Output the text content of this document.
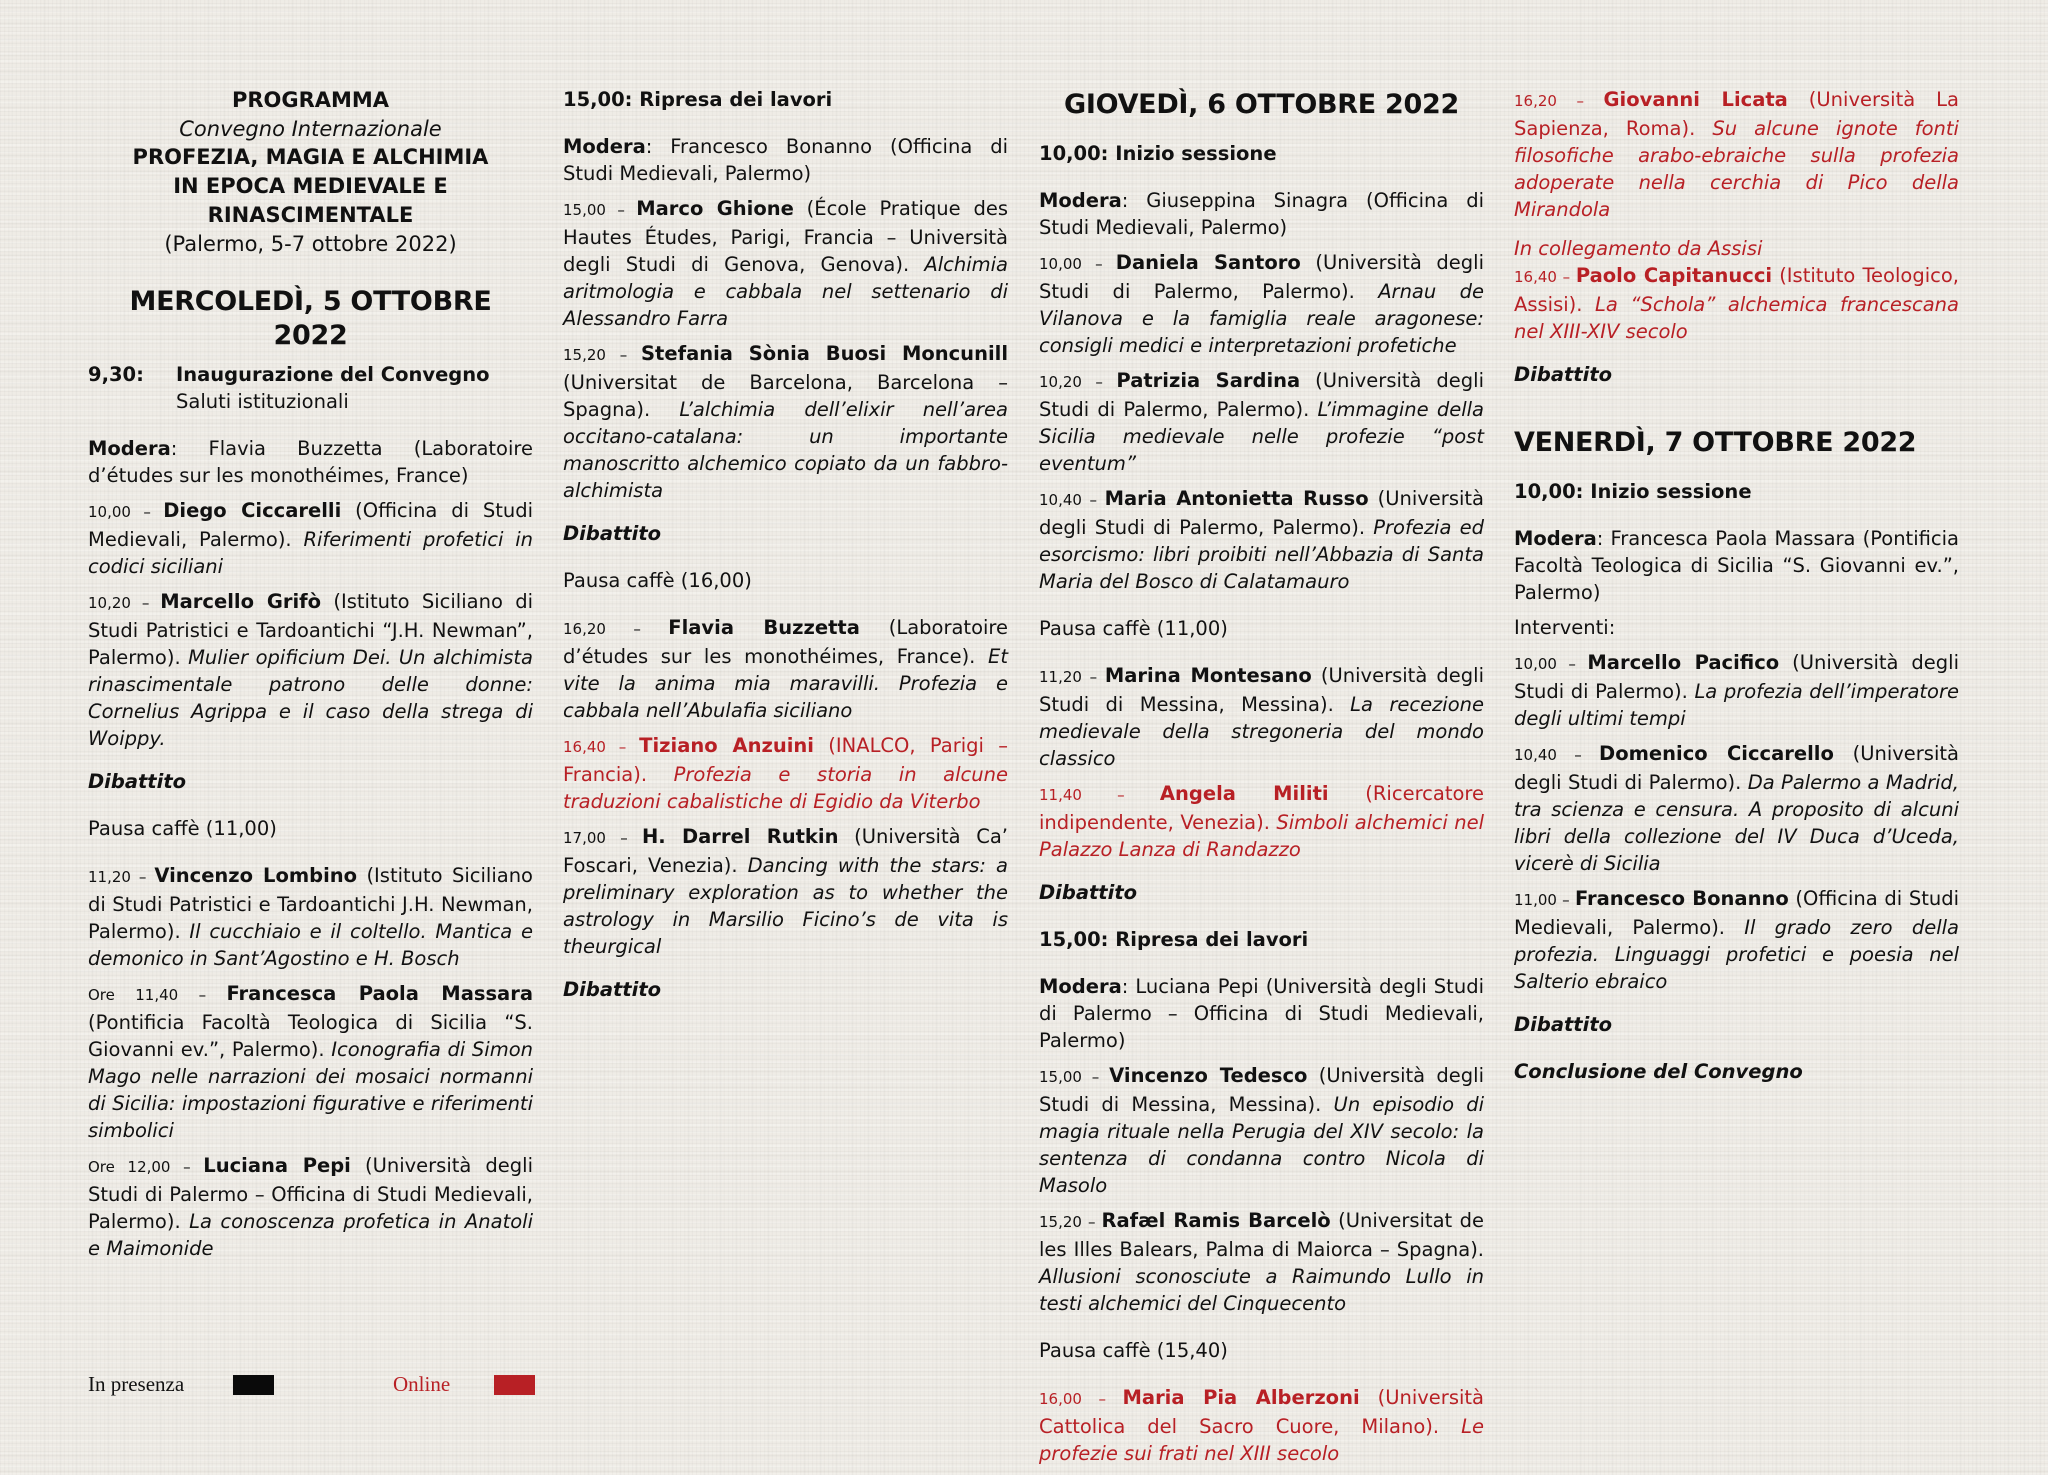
PROGRAMMA
Convegno Internazionale
PROFEZIA, MAGIA E ALCHIMIA
IN EPOCA MEDIEVALE E
RINASCIMENTALE
(Palermo, 5-7 ottobre 2022)
MERCOLEDÌ, 5 OTTOBRE 2022
9,30:	Inaugurazione del Convegno
Saluti istituzionali
Modera: Flavia Buzzetta (Laboratoire d’études sur les monothéimes, France)
10,00 – Diego Ciccarelli (Officina di Studi Medievali, Palermo). Riferimenti profetici in codici siciliani
10,20 – Marcello Grifò (Istituto Siciliano di Studi Patristici e Tardoantichi “J.H. Newman”, Palermo). Mulier opificium Dei. Un alchimista rinascimentale patrono delle donne: Cornelius Agrippa e il caso della strega di Woippy.
Dibattito
Pausa caffè (11,00)
11,20 – Vincenzo Lombino (Istituto Siciliano di Studi Patristici e Tardoantichi J.H. Newman, Palermo). Il cucchiaio e il coltello. Mantica e demonico in Sant’Agostino e H. Bosch
Ore 11,40 – Francesca Paola Massara (Pontificia Facoltà Teologica di Sicilia “S. Giovanni ev.”, Palermo). Iconografia di Simon Mago nelle narrazioni dei mosaici normanni di Sicilia: impostazioni figurative e riferimenti simbolici
Ore 12,00 – Luciana Pepi (Università degli Studi di Palermo – Officina di Studi Medievali, Palermo). La conoscenza profetica in Anatoli e Maimonide
15,00: Ripresa dei lavori
Modera: Francesco Bonanno (Officina di Studi Medievali, Palermo)
15,00 – Marco Ghione (École Pratique des Hautes Études, Parigi, Francia – Università degli Studi di Genova, Genova). Alchimia aritmologia e cabbala nel settenario di Alessandro Farra
15,20 – Stefania Sònia Buosi Moncunill (Universitat de Barcelona, Barcelona – Spagna). L’alchimia dell’elixir nell’area occitano-catalana: un importante manoscritto alchemico copiato da un fabbro-alchimista
Dibattito
Pausa caffè (16,00)
16,20 – Flavia Buzzetta (Laboratoire d’études sur les monothéimes, France). Et vite la anima mia maravilli. Profezia e cabbala nell’Abulafia siciliano
16,40 – Tiziano Anzuini (INALCO, Parigi – Francia). Profezia e storia in alcune traduzioni cabalistiche di Egidio da Viterbo
17,00 – H. Darrel Rutkin (Università Ca’ Foscari, Venezia). Dancing with the stars: a preliminary exploration as to whether the astrology in Marsilio Ficino’s de vita is theurgical
Dibattito
GIOVEDÌ, 6 OTTOBRE 2022
10,00: Inizio sessione
Modera: Giuseppina Sinagra (Officina di Studi Medievali, Palermo)
10,00 – Daniela Santoro (Università degli Studi di Palermo, Palermo). Arnau de Vilanova e la famiglia reale aragonese: consigli medici e interpretazioni profetiche
10,20 – Patrizia Sardina (Università degli Studi di Palermo, Palermo). L’immagine della Sicilia medievale nelle profezie “post eventum”
10,40 – Maria Antonietta Russo (Università degli Studi di Palermo, Palermo). Profezia ed esorcismo: libri proibiti nell’Abbazia di Santa Maria del Bosco di Calatamauro
Pausa caffè (11,00)
11,20 – Marina Montesano (Università degli Studi di Messina, Messina). La recezione medievale della stregoneria del mondo classico
11,40 – Angela Militi (Ricercatore indipendente, Venezia). Simboli alchemici nel Palazzo Lanza di Randazzo
Dibattito
15,00: Ripresa dei lavori
Modera: Luciana Pepi (Università degli Studi di Palermo – Officina di Studi Medievali, Palermo)
15,00 – Vincenzo Tedesco (Università degli Studi di Messina, Messina). Un episodio di magia rituale nella Perugia del XIV secolo: la sentenza di condanna contro Nicola di Masolo
15,20 – Rafæl Ramis Barcelò (Universitat de les Illes Balears, Palma di Maiorca – Spagna). Allusioni sconosciute a Raimundo Lullo in testi alchemici del Cinquecento
Pausa caffè (15,40)
16,00 – Maria Pia Alberzoni (Università Cattolica del Sacro Cuore, Milano). Le profezie sui frati nel XIII secolo
16,20 – Giovanni Licata (Università La Sapienza, Roma). Su alcune ignote fonti filosofiche arabo-ebraiche sulla profezia adoperate nella cerchia di Pico della Mirandola
In collegamento da Assisi
16,40 – Paolo Capitanucci (Istituto Teologico, Assisi). La “Schola” alchemica francescana nel XIII-XIV secolo
Dibattito
VENERDÌ, 7 OTTOBRE 2022
10,00: Inizio sessione
Modera: Francesca Paola Massara (Pontificia Facoltà Teologica di Sicilia “S. Giovanni ev.”, Palermo)
Interventi:
10,00 – Marcello Pacifico (Università degli Studi di Palermo). La profezia dell’imperatore degli ultimi tempi
10,40 – Domenico Ciccarello (Università degli Studi di Palermo). Da Palermo a Madrid, tra scienza e censura. A proposito di alcuni libri della collezione del IV Duca d’Uceda, vicerè di Sicilia
11,00 – Francesco Bonanno (Officina di Studi Medievali, Palermo). Il grado zero della profezia. Linguaggi profetici e poesia nel Salterio ebraico
Dibattito
Conclusione del Convegno
In presenza	Online
